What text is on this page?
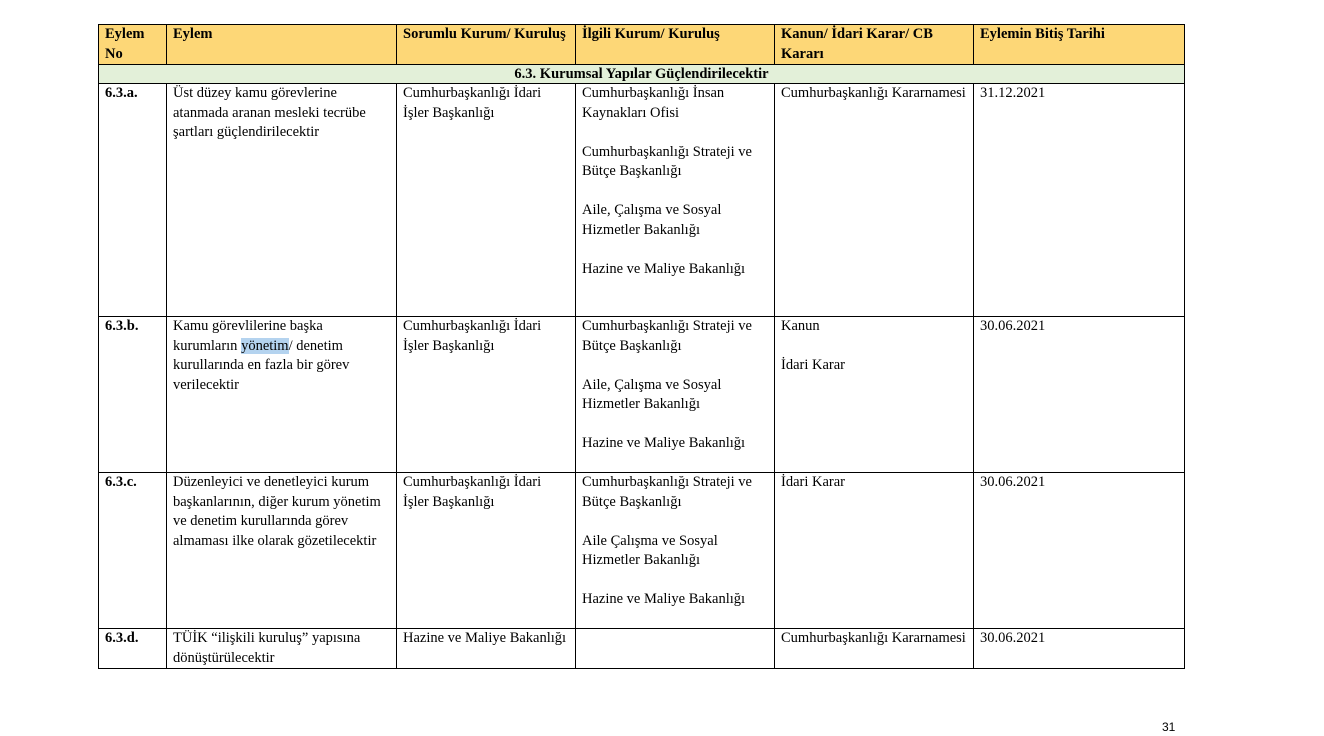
Eylem No	Eylem	Sorumlu Kurum/ Kuruluş	İlgili Kurum/ Kuruluş	Kanun/ İdari Karar/ CB Kararı	Eylemin Bitiş Tarihi
6.3. Kurumsal Yapılar Güçlendirilecektir					
6.3.a.	Üst düzey kamu görevlerine atanmada aranan mesleki tecrübe şartları güçlendirilecektir	Cumhurbaşkanlığı İdari İşler Başkanlığı	Cumhurbaşkanlığı İnsan Kaynakları Ofisi
Cumhurbaşkanlığı Strateji ve Bütçe Başkanlığı
Aile, Çalışma ve Sosyal Hizmetler Bakanlığı
Hazine ve Maliye Bakanlığı	Cumhurbaşkanlığı Kararnamesi	31.12.2021
6.3.b.	Kamu görevlilerine başka kurumların yönetim/ denetim kurullarında en fazla bir görev verilecektir	Cumhurbaşkanlığı İdari İşler Başkanlığı	Cumhurbaşkanlığı Strateji ve Bütçe Başkanlığı
Aile, Çalışma ve Sosyal Hizmetler Bakanlığı
Hazine ve Maliye Bakanlığı	Kanun
İdari Karar	30.06.2021
6.3.c.	Düzenleyici ve denetleyici kurum başkanlarının, diğer kurum yönetim ve denetim kurullarında görev almaması ilke olarak gözetilecektir	Cumhurbaşkanlığı İdari İşler Başkanlığı	Cumhurbaşkanlığı Strateji ve Bütçe Başkanlığı
Aile Çalışma ve Sosyal Hizmetler Bakanlığı
Hazine ve Maliye Bakanlığı	İdari Karar	30.06.2021
6.3.d.	TÜİK “ilişkili kuruluş” yapısına dönüştürülecektir	Hazine ve Maliye Bakanlığı		Cumhurbaşkanlığı Kararnamesi	30.06.2021
31
